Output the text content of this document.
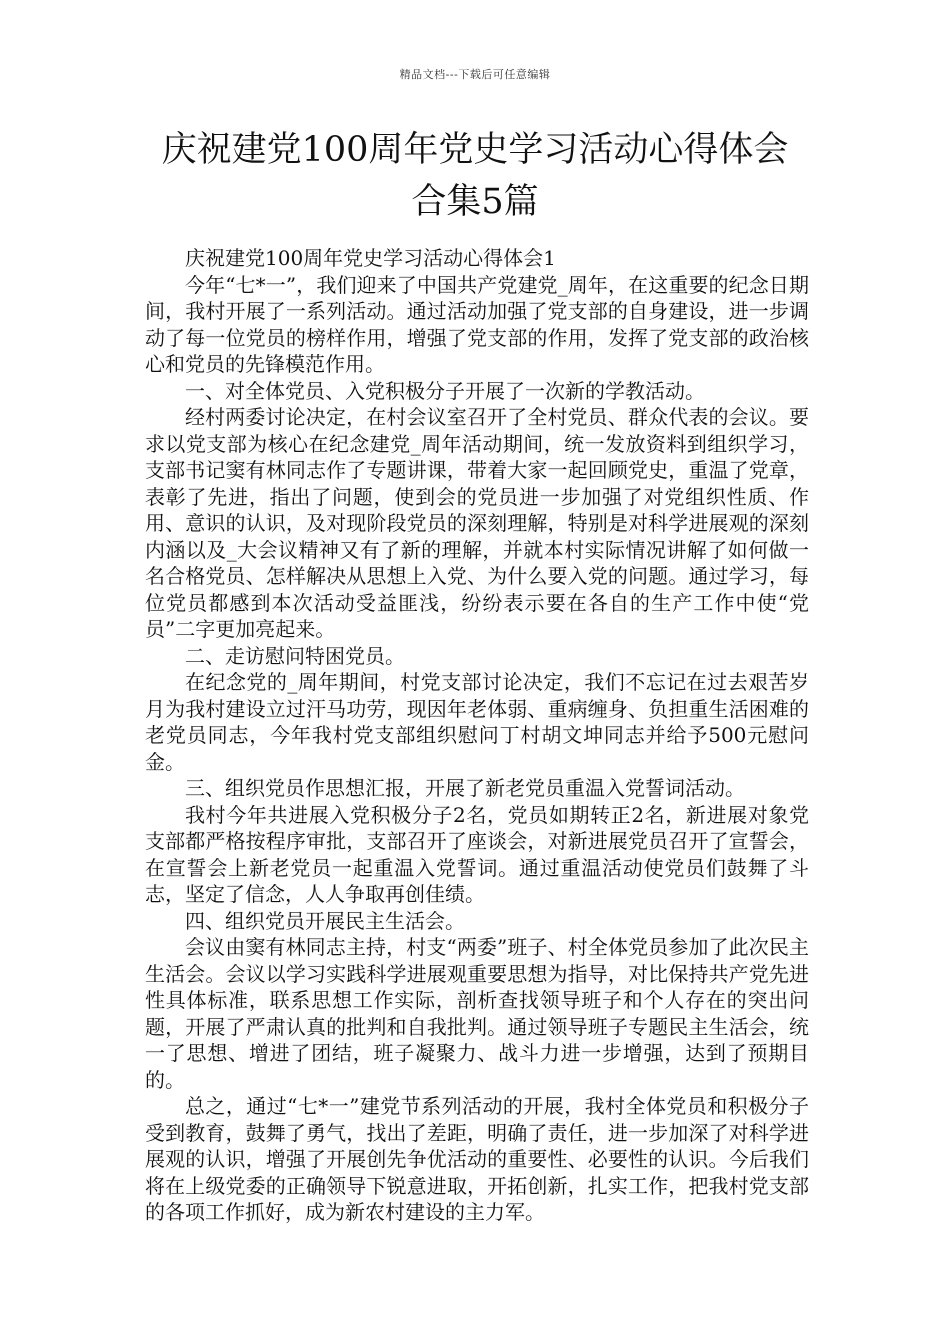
精品文档---下载后可任意编辑
庆祝建党100周年党史学习活动心得体会
合集5篇

庆祝建党100周年党史学习活动心得体会1

今年“七*一”，我们迎来了中国共产党建党_周年，在这重要的纪念日期间，我村开展了一系列活动。通过活动加强了党支部的自身建设，进一步调动了每一位党员的榜样作用，增强了党支部的作用，发挥了党支部的政治核心和党员的先锋模范作用。

一、对全体党员、入党积极分子开展了一次新的学教活动。

经村两委讨论决定，在村会议室召开了全村党员、群众代表的会议。要求以党支部为核心在纪念建党_周年活动期间，统一发放资料到组织学习，支部书记窦有林同志作了专题讲课，带着大家一起回顾党史，重温了党章，表彰了先进，指出了问题，使到会的党员进一步加强了对党组织性质、作用、意识的认识，及对现阶段党员的深刻理解，特别是对科学进展观的深刻内涵以及_大会议精神又有了新的理解，并就本村实际情况讲解了如何做一名合格党员、怎样解决从思想上入党、为什么要入党的问题。通过学习，每位党员都感到本次活动受益匪浅，纷纷表示要在各自的生产工作中使“党员”二字更加亮起来。

二、走访慰问特困党员。

在纪念党的_周年期间，村党支部讨论决定，我们不忘记在过去艰苦岁月为我村建设立过汗马功劳，现因年老体弱、重病缠身、负担重生活困难的老党员同志，今年我村党支部组织慰问丁村胡文坤同志并给予500元慰问金。

三、组织党员作思想汇报，开展了新老党员重温入党誓词活动。

我村今年共进展入党积极分子2名，党员如期转正2名，新进展对象党支部都严格按程序审批，支部召开了座谈会，对新进展党员召开了宣誓会，在宣誓会上新老党员一起重温入党誓词。通过重温活动使党员们鼓舞了斗志，坚定了信念，人人争取再创佳绩。

四、组织党员开展民主生活会。

会议由窦有林同志主持，村支“两委”班子、村全体党员参加了此次民主生活会。会议以学习实践科学进展观重要思想为指导，对比保持共产党先进性具体标准，联系思想工作实际，剖析查找领导班子和个人存在的突出问题，开展了严肃认真的批判和自我批判。通过领导班子专题民主生活会，统一了思想、增进了团结，班子凝聚力、战斗力进一步增强，达到了预期目的。

总之，通过“七*一”建党节系列活动的开展，我村全体党员和积极分子受到教育，鼓舞了勇气，找出了差距，明确了责任，进一步加深了对科学进展观的认识，增强了开展创先争优活动的重要性、必要性的认识。今后我们将在上级党委的正确领导下锐意进取，开拓创新，扎实工作，把我村党支部的各项工作抓好，成为新农村建设的主力军。
